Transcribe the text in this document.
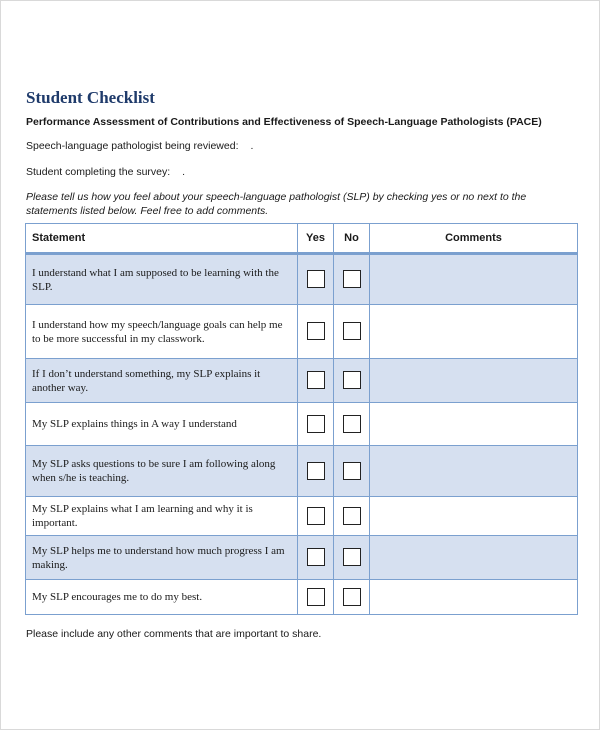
Student Checklist
Performance Assessment of Contributions and Effectiveness of Speech-Language Pathologists (PACE)
Speech-language pathologist being reviewed: .
Student completing the survey: .
Please tell us how you feel about your speech-language pathologist (SLP) by checking yes or no next to the statements listed below. Feel free to add comments.
Statement	Yes	No	Comments
I understand what I am supposed to be learning with the SLP.			
I understand how my speech/language goals can help me to be more successful in my classwork.			
If I don’t understand something, my SLP explains it another way.			
My SLP explains things in A way I understand			
My SLP asks questions to be sure I am following along when s/he is teaching.			
My SLP explains what I am learning and why it is important.			
My SLP helps me to understand how much progress I am making.			
My SLP encourages me to do my best.			
Please include any other comments that are important to share.
